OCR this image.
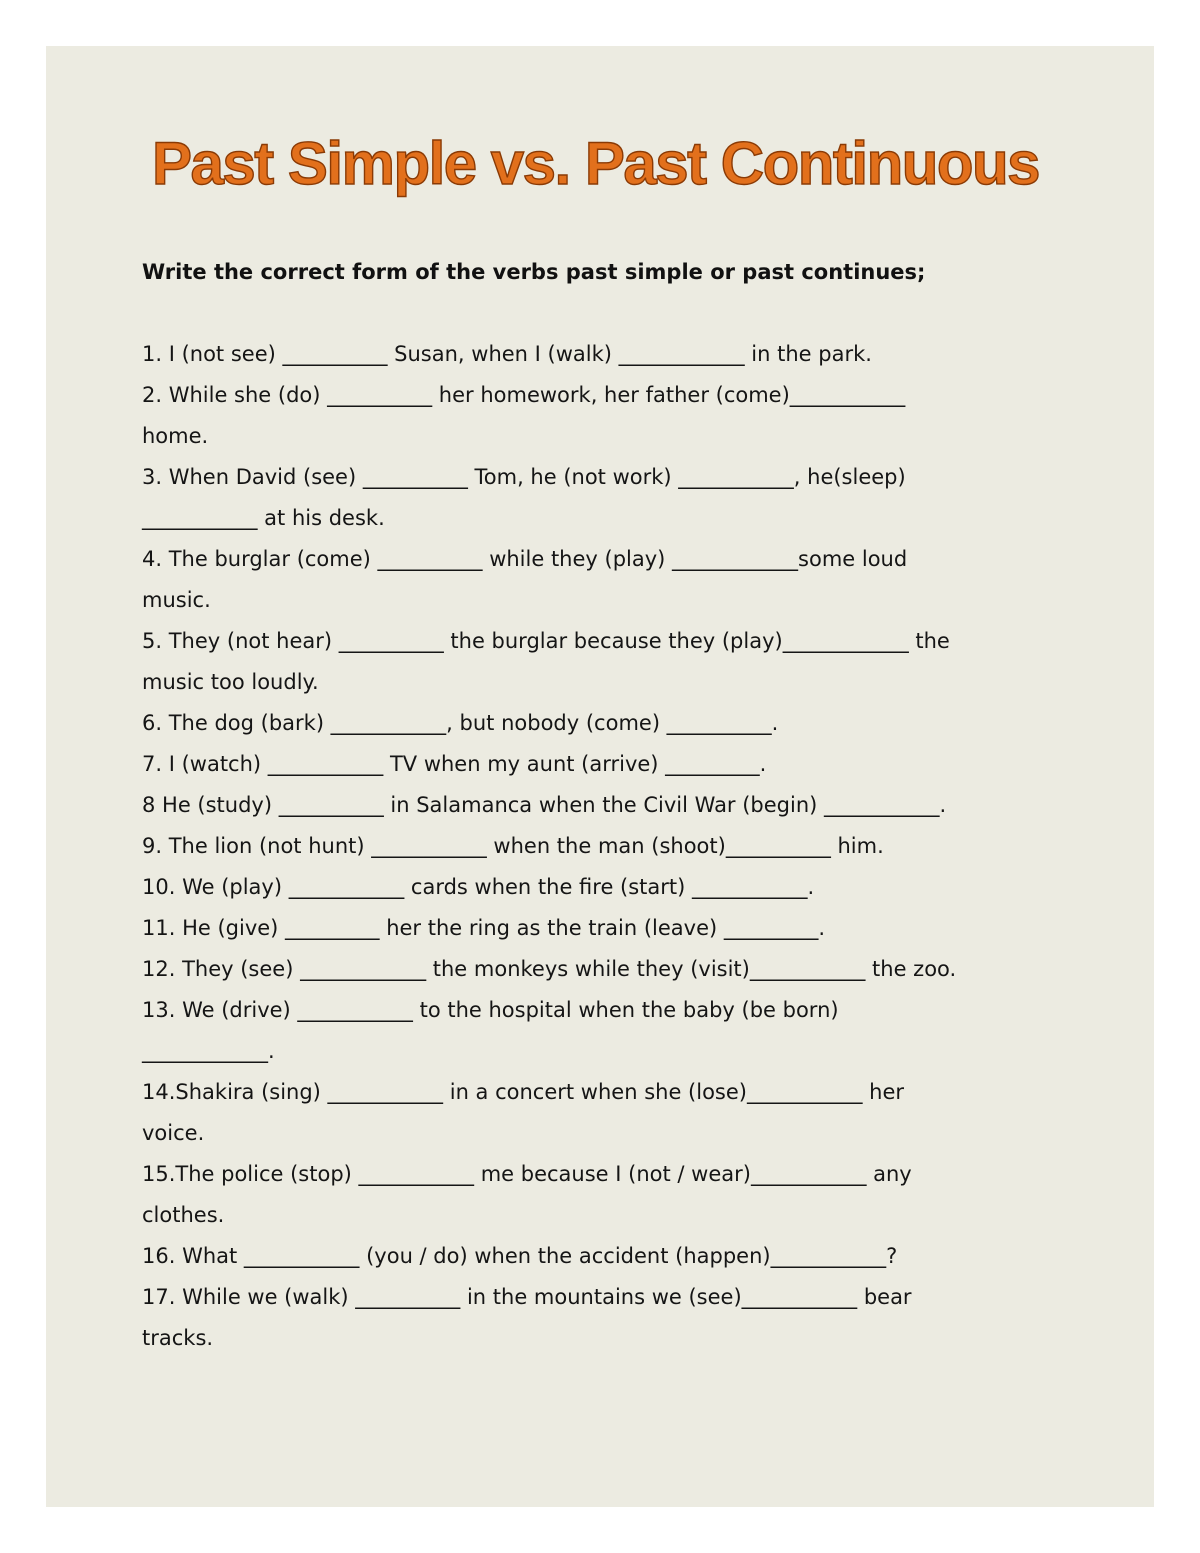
Past Simple vs. Past Continuous

Write the correct form of the verbs past simple or past continues;

1. I (not see) __________ Susan, when I (walk) ____________ in the park.
2. While she (do) __________ her homework, her father (come)___________
home.
3. When David (see) __________ Tom, he (not work) ___________, he(sleep)
___________ at his desk.
4. The burglar (come) __________ while they (play) ____________some loud
music.
5. They (not hear) __________ the burglar because they (play)____________ the
music too loudly.
6. The dog (bark) ___________, but nobody (come) __________.
7. I (watch) ___________ TV when my aunt (arrive) _________.
8 He (study) __________ in Salamanca when the Civil War (begin) ___________.
9. The lion (not hunt) ___________ when the man (shoot)__________ him.
10. We (play) ___________ cards when the fire (start) ___________.
11. He (give) _________ her the ring as the train (leave) _________.
12. They (see) ____________ the monkeys while they (visit)___________ the zoo.
13. We (drive) ___________ to the hospital when the baby (be born)
____________.
14.Shakira (sing) ___________ in a concert when she (lose)___________ her
voice.
15.The police (stop) ___________ me because I (not / wear)___________ any
clothes.
16. What ___________ (you / do) when the accident (happen)___________?
17. While we (walk) __________ in the mountains we (see)___________ bear
tracks.
